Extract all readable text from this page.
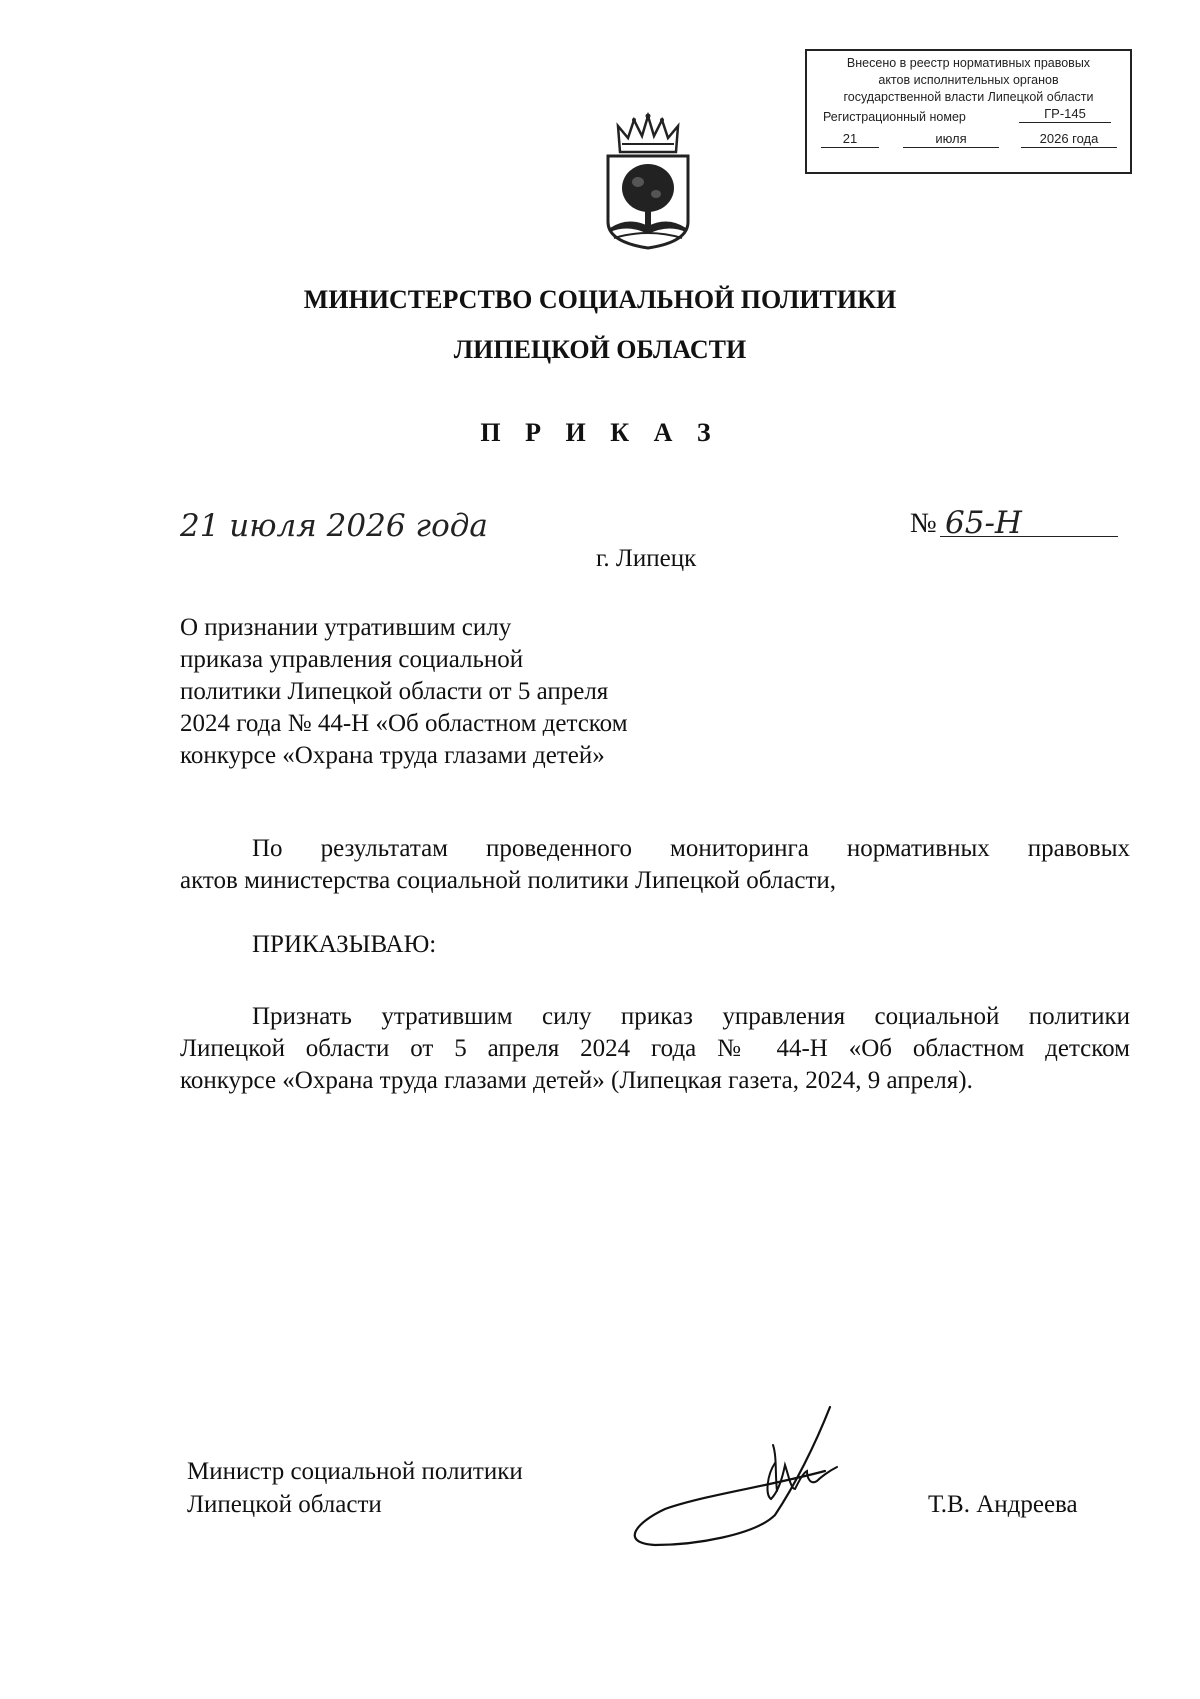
Внесено в реестр нормативных правовых
актов исполнительных органов
государственной власти Липецкой области
Регистрационный номер	ГР-145
21	июля	2026 года
МИНИСТЕРСТВО СОЦИАЛЬНОЙ ПОЛИТИКИ
ЛИПЕЦКОЙ ОБЛАСТИ
П Р И К А З
21 июля 2026 года	№ 65-Н
г. Липецк
О признании утратившим силу
приказа управления социальной
политики Липецкой области от 5 апреля
2024 года № 44-Н «Об областном детском
конкурсе «Охрана труда глазами детей»
По результатам проведенного мониторинга нормативных правовых
актов министерства социальной политики Липецкой области,
ПРИКАЗЫВАЮ:
Признать утратившим силу приказ управления социальной политики
Липецкой области от 5 апреля 2024 года № 44-Н «Об областном детском
конкурсе «Охрана труда глазами детей» (Липецкая газета, 2024, 9 апреля).
Министр социальной политики
Липецкой области	Т.В. Андреева
